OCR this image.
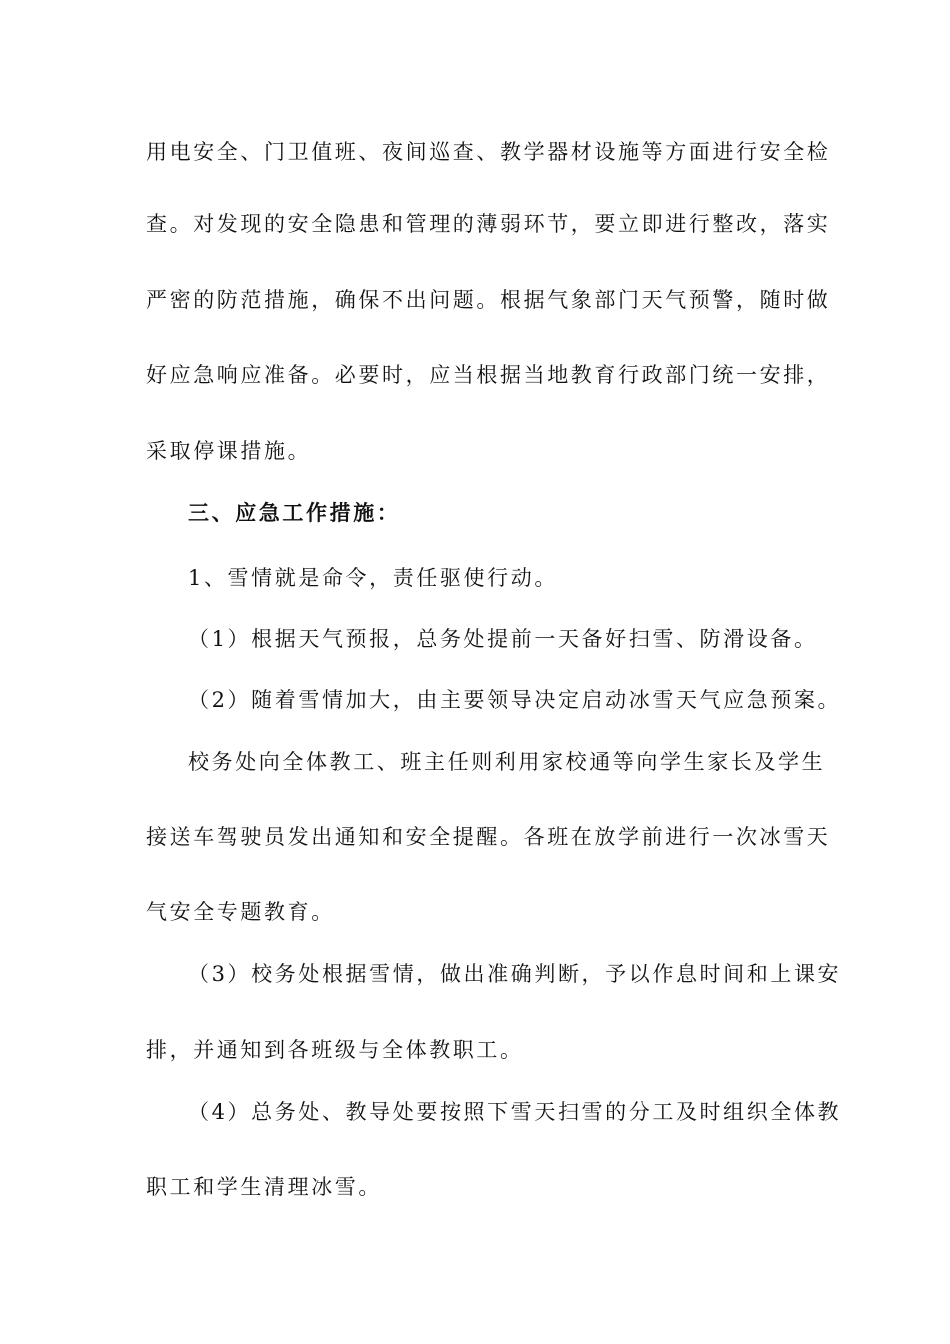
用电安全、门卫值班、夜间巡查、教学器材设施等方面进行安全检
查。对发现的安全隐患和管理的薄弱环节，要立即进行整改，落实
严密的防范措施，确保不出问题。根据气象部门天气预警，随时做
好应急响应准备。必要时，应当根据当地教育行政部门统一安排，
采取停课措施。
三、应急工作措施：
1、雪情就是命令，责任驱使行动。
（1）根据天气预报，总务处提前一天备好扫雪、防滑设备。
（2）随着雪情加大，由主要领导决定启动冰雪天气应急预案。
校务处向全体教工、班主任则利用家校通等向学生家长及学生
接送车驾驶员发出通知和安全提醒。各班在放学前进行一次冰雪天
气安全专题教育。
（3）校务处根据雪情，做出准确判断，予以作息时间和上课安
排，并通知到各班级与全体教职工。
（4）总务处、教导处要按照下雪天扫雪的分工及时组织全体教
职工和学生清理冰雪。
